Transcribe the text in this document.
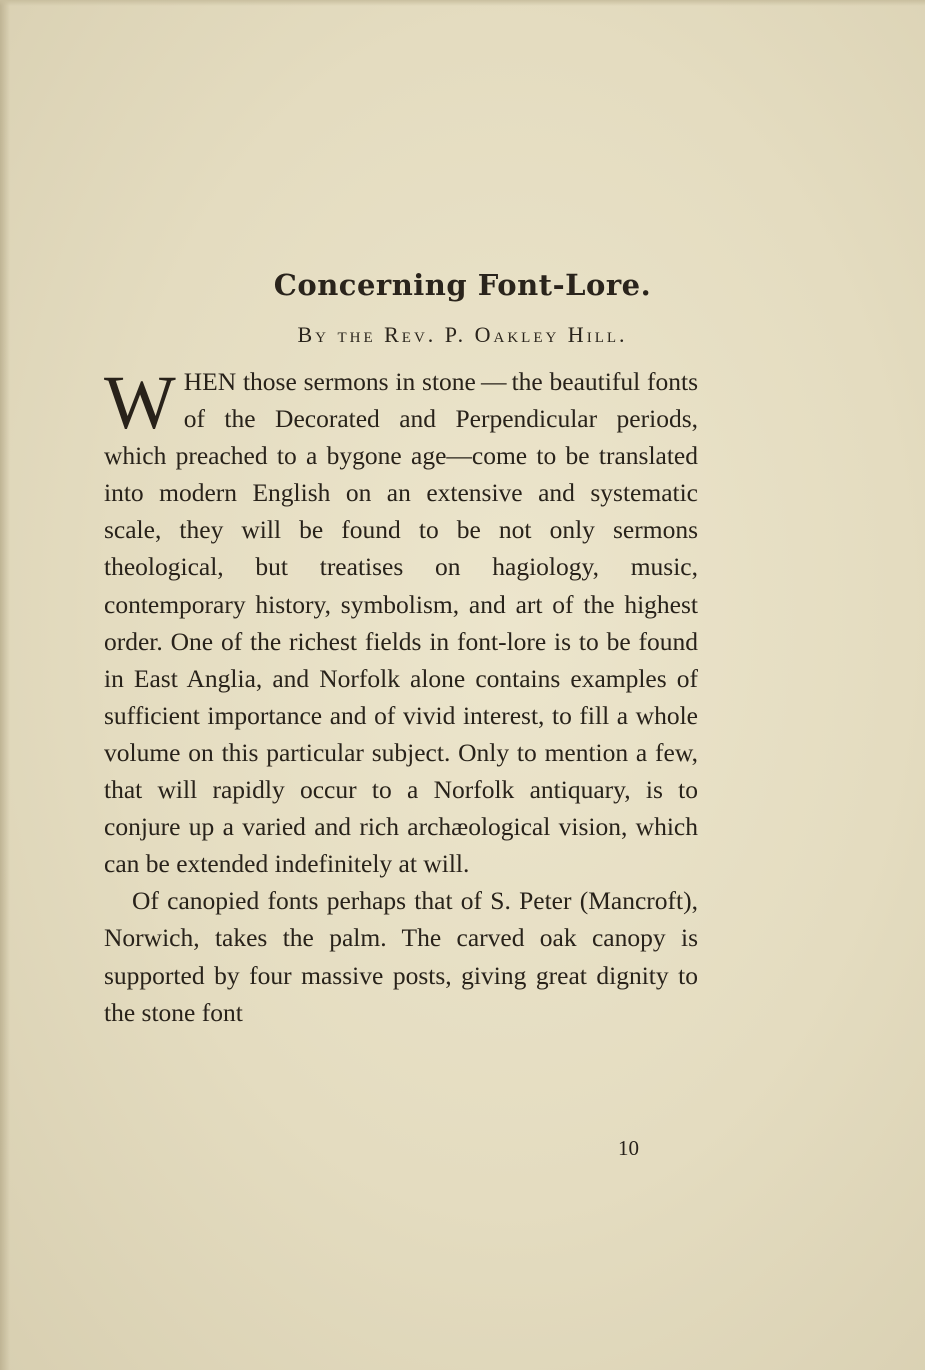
Concerning Font-Lore.
By the Rev. P. Oakley Hill.

WHEN those sermons in stone — the beautiful fonts of the Decorated and Perpendicular periods, which preached to a bygone age—come to be translated into modern English on an extensive and systematic scale, they will be found to be not only sermons theological, but treatises on hagiology, music, contemporary history, symbolism, and art of the highest order. One of the richest fields in font-lore is to be found in East Anglia, and Norfolk alone contains examples of sufficient importance and of vivid interest, to fill a whole volume on this particular subject. Only to mention a few, that will rapidly occur to a Norfolk antiquary, is to conjure up a varied and rich archæological vision, which can be extended indefinitely at will.

Of canopied fonts perhaps that of S. Peter (Mancroft), Norwich, takes the palm. The carved oak canopy is supported by four massive posts, giving great dignity to the stone font

10
